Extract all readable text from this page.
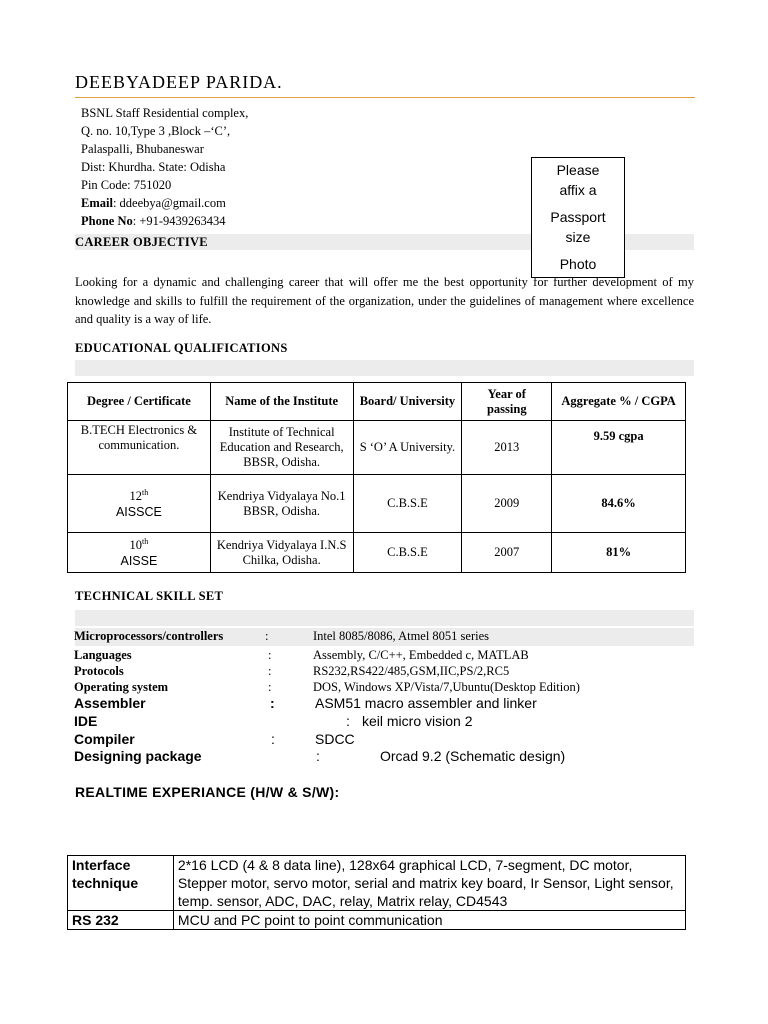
DEEBYADEEP PARIDA.
BSNL Staff Residential complex,
Q. no. 10,Type 3 ,Block –‘C’,
Palaspalli, Bhubaneswar
Dist: Khurdha. State: Odisha
Pin Code: 751020
Email: ddeebya@gmail.com
Phone No: +91-9439263434
CAREER OBJECTIVE
Please
affix a
Passport
size
Photo
Looking for a dynamic and challenging career that will offer me the best opportunity for further development of my knowledge and skills to fulfill the requirement of the organization, under the guidelines of management where excellence and quality is a way of life.
EDUCATIONAL QUALIFICATIONS
Degree / Certificate	Name of the Institute	Board/ University	Year of passing	Aggregate % / CGPA
B.TECH Electronics & communication.	Institute of Technical Education and Research, BBSR, Odisha.	S ‘O’ A University.	2013	9.59 cgpa

12th
AISSCE	Kendriya Vidyalaya No.1 BBSR, Odisha.	C.B.S.E	2009	84.6%

10th
AISSE	Kendriya Vidyalaya I.N.S Chilka, Odisha.	C.B.S.E	2007	81%
TECHNICAL SKILL SET
Microprocessors/controllers	:	Intel 8085/8086, Atmel 8051 series
Languages	:	Assembly, C/C++, Embedded c, MATLAB
Protocols	:	RS232,RS422/485,GSM,IIC,PS/2,RC5
Operating system	:	DOS, Windows XP/Vista/7,Ubuntu(Desktop Edition)
Assembler	:	ASM51 macro assembler and linker
IDE	: keil micro vision 2
Compiler	:	SDCC
Designing package	:	Orcad 9.2 (Schematic design)
REALTIME EXPERIANCE (H/W & S/W):
Interface technique	2*16 LCD (4 & 8 data line), 128x64 graphical LCD, 7-segment, DC motor, Stepper motor, servo motor, serial and matrix key board, Ir Sensor, Light sensor, temp. sensor, ADC, DAC, relay, Matrix relay, CD4543
RS 232	MCU and PC point to point communication
